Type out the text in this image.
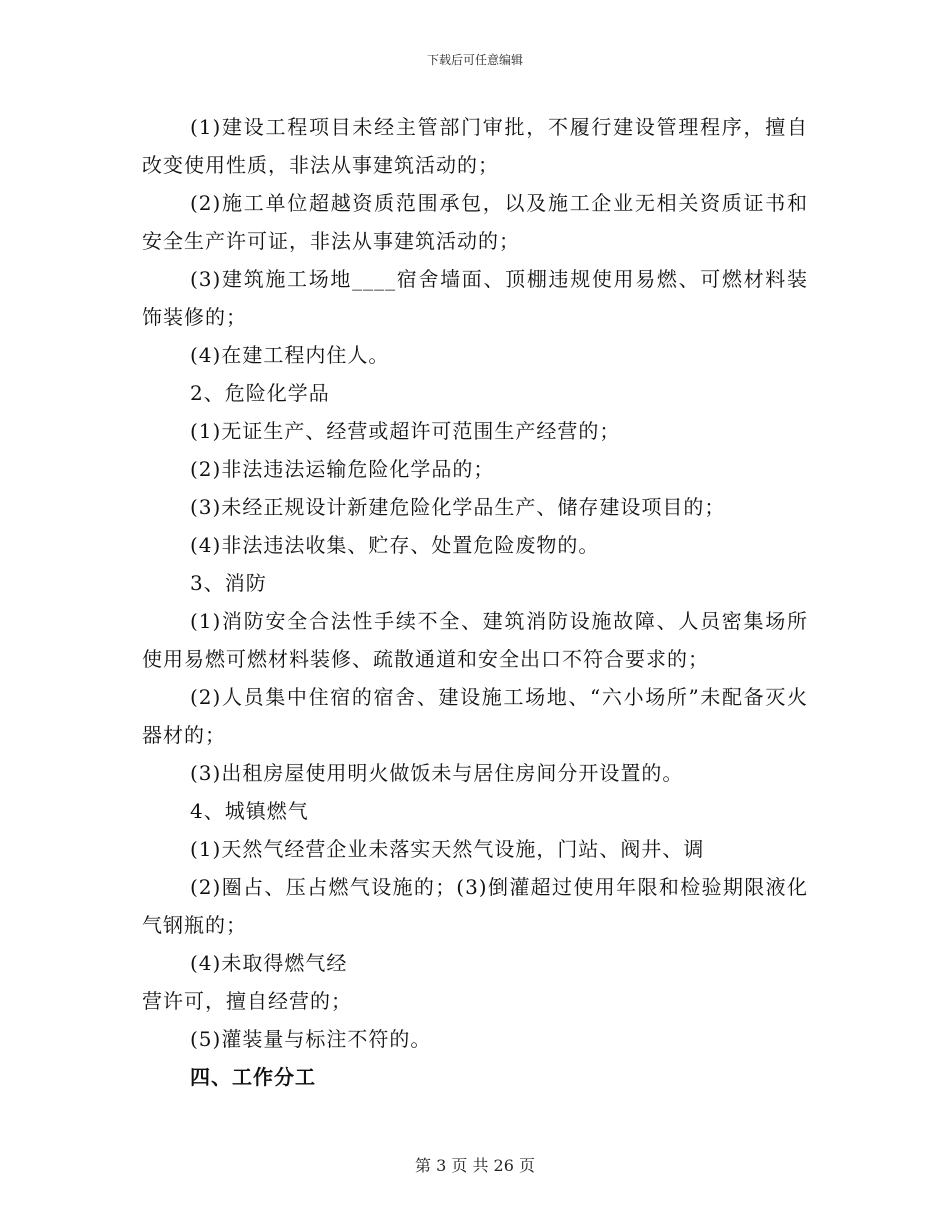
下载后可任意编辑

(1)建设工程项目未经主管部门审批，不履行建设管理程序，擅自改变使用性质，非法从事建筑活动的；

(2)施工单位超越资质范围承包，以及施工企业无相关资质证书和安全生产许可证，非法从事建筑活动的；

(3)建筑施工场地____宿舍墙面、顶棚违规使用易燃、可燃材料装饰装修的；

(4)在建工程内住人。

2、危险化学品

(1)无证生产、经营或超许可范围生产经营的；

(2)非法违法运输危险化学品的；

(3)未经正规设计新建危险化学品生产、储存建设项目的；

(4)非法违法收集、贮存、处置危险废物的。

3、消防

(1)消防安全合法性手续不全、建筑消防设施故障、人员密集场所使用易燃可燃材料装修、疏散通道和安全出口不符合要求的；

(2)人员集中住宿的宿舍、建设施工场地、“六小场所”未配备灭火器材的；

(3)出租房屋使用明火做饭未与居住房间分开设置的。

4、城镇燃气

(1)天然气经营企业未落实天然气设施，门站、阀井、调

(2)圈占、压占燃气设施的；(3)倒灌超过使用年限和检验期限液化气钢瓶的；

(4)未取得燃气经

营许可，擅自经营的；

(5)灌装量与标注不符的。

四、工作分工

第 3 页 共 26 页
